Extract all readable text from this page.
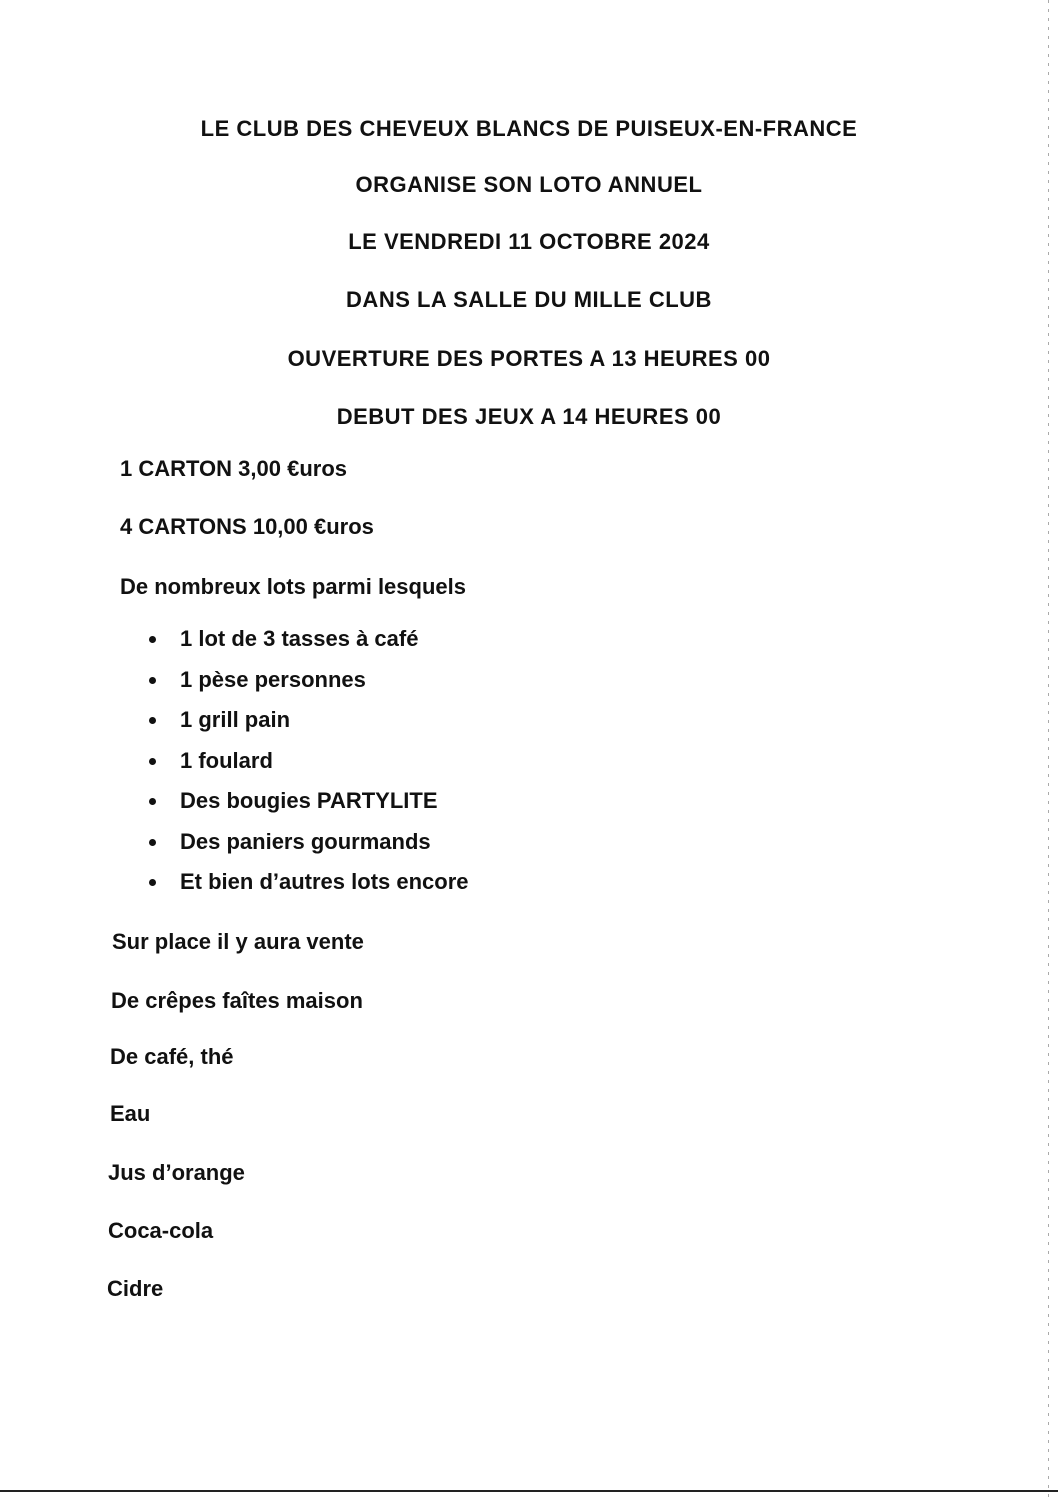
LE CLUB DES CHEVEUX BLANCS DE PUISEUX-EN-FRANCE
ORGANISE SON LOTO ANNUEL
LE VENDREDI 11 OCTOBRE 2024
DANS LA SALLE DU MILLE CLUB
OUVERTURE DES PORTES A 13 HEURES 00
DEBUT DES JEUX A 14 HEURES 00
1 CARTON 3,00 €uros
4 CARTONS 10,00 €uros
De nombreux lots parmi lesquels
1 lot de 3 tasses à café
1 pèse personnes
1 grill pain
1 foulard
Des bougies PARTYLITE
Des paniers gourmands
Et bien d’autres lots encore
Sur place il y aura vente
De crêpes faîtes maison
De café, thé
Eau
Jus d’orange
Coca-cola
Cidre
